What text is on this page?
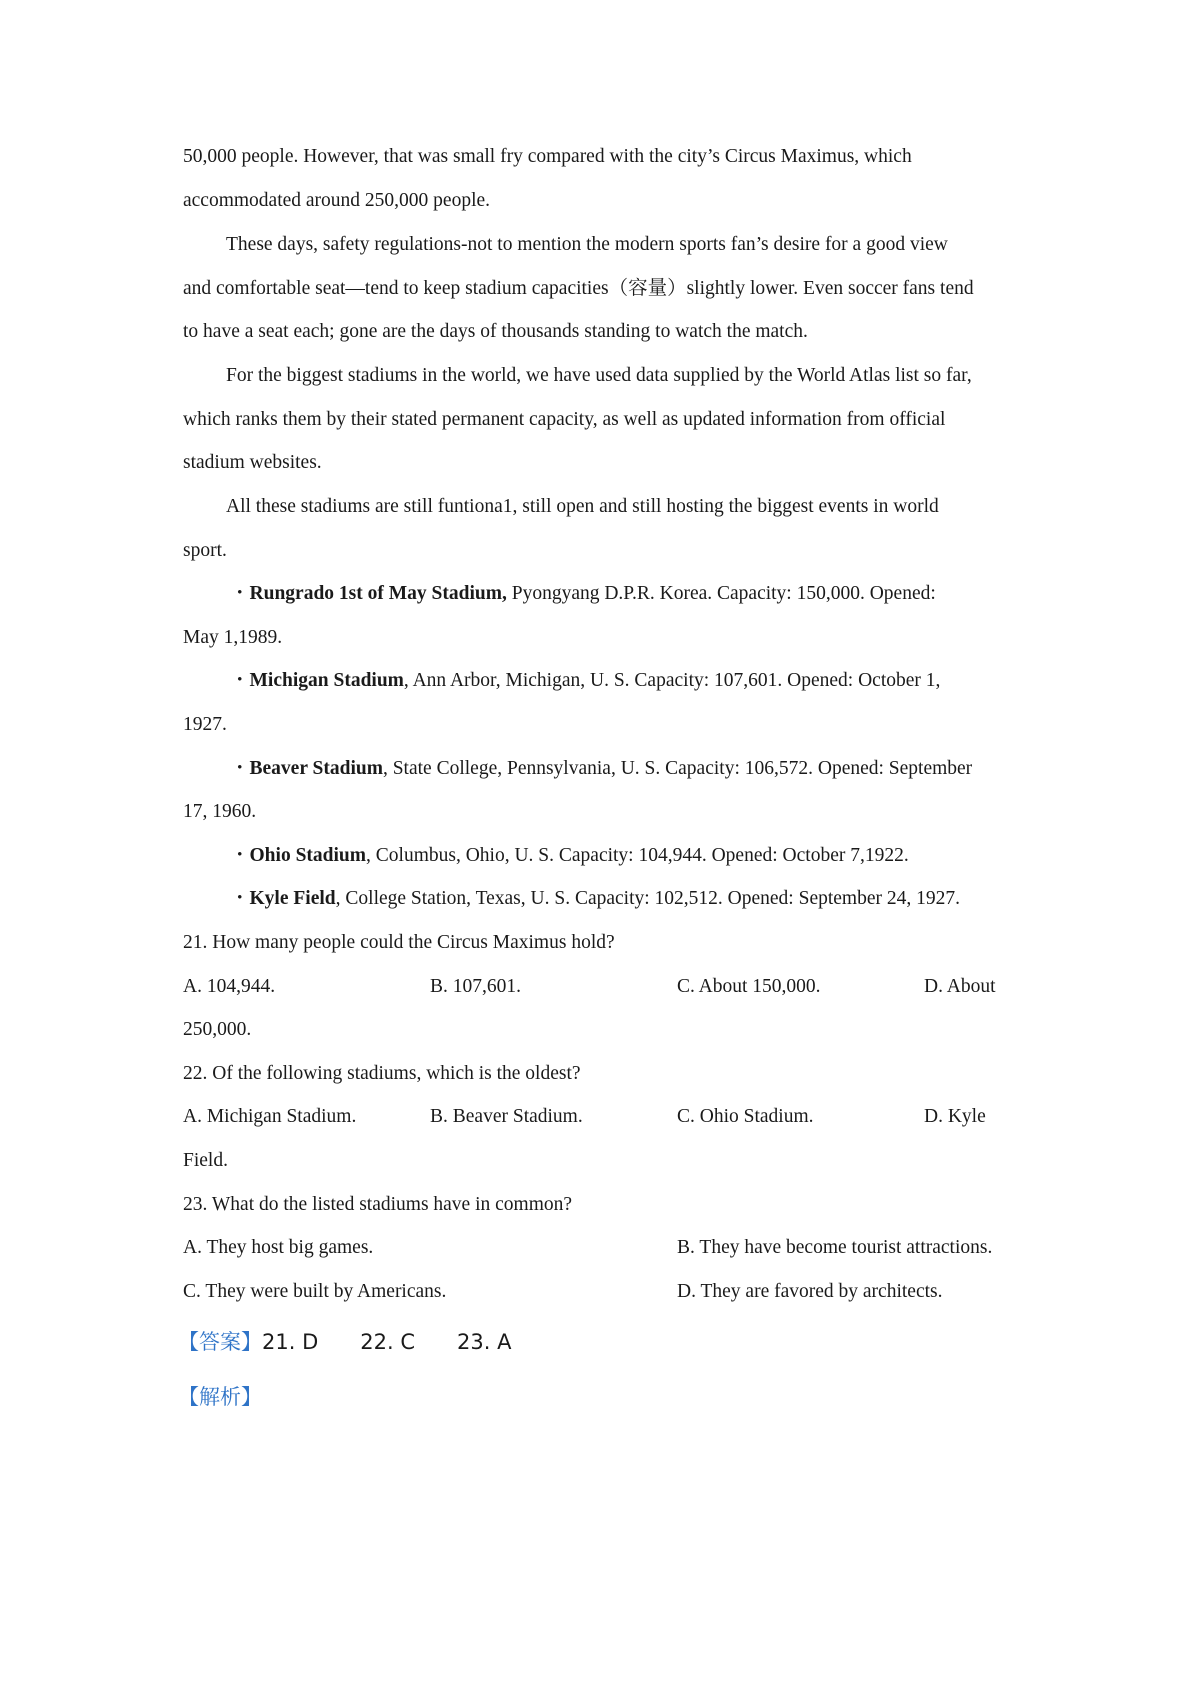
50,000 people. However, that was small fry compared with the city’s Circus Maximus, which
accommodated around 250,000 people.
These days, safety regulations-not to mention the modern sports fan’s desire for a good view
and comfortable seat—tend to keep stadium capacities（容量）slightly lower. Even soccer fans tend
to have a seat each; gone are the days of thousands standing to watch the match.
For the biggest stadiums in the world, we have used data supplied by the World Atlas list so far,
which ranks them by their stated permanent capacity, as well as updated information from official
stadium websites.
All these stadiums are still funtiona1, still open and still hosting the biggest events in world
sport.
・Rungrado 1st of May Stadium, Pyongyang D.P.R. Korea. Capacity: 150,000. Opened:
May 1,1989.
・Michigan Stadium, Ann Arbor, Michigan, U. S. Capacity: 107,601. Opened: October 1,
1927.
・Beaver Stadium, State College, Pennsylvania, U. S. Capacity: 106,572. Opened: September
17, 1960.
・Ohio Stadium, Columbus, Ohio, U. S. Capacity: 104,944. Opened: October 7,1922.
・Kyle Field, College Station, Texas, U. S. Capacity: 102,512. Opened: September 24, 1927.
21. How many people could the Circus Maximus hold?
A. 104,944.	B. 107,601.	C. About 150,000.	D. About
250,000.
22. Of the following stadiums, which is the oldest?
A. Michigan Stadium.	B. Beaver Stadium.	C. Ohio Stadium.	D. Kyle
Field.
23. What do the listed stadiums have in common?
A. They host big games.	B. They have become tourist attractions.
C. They were built by Americans.	D. They are favored by architects.
【答案】21. D 22. C 23. A
【解析】
